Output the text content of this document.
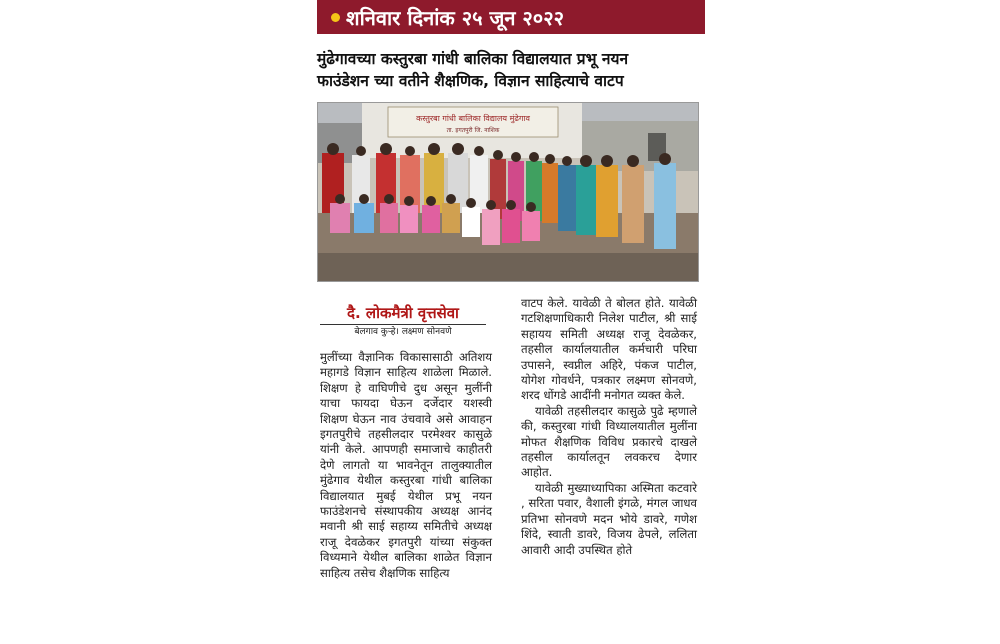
शनिवार दिनांक २५ जून २०२२
मुंढेगावच्या कस्तुरबा गांधी बालिका विद्यालयात प्रभू नयन
फाउंडेशन च्या वतीने शैक्षणिक, विज्ञान साहित्याचे वाटप
कस्तुरबा गांधी बालिका विद्यालय मुंढेगाव
ता. इगतपुरी जि. नाशिक
दै. लोकमैत्री वृत्तसेवा
बेलगाव कुऱ्हे। लक्ष्मण सोनवणे

मुलींच्या वैज्ञानिक विकासासाठी अतिशय महागडे विज्ञान साहित्य शाळेला मिळाले. शिक्षण हे वाघिणीचे दुध असून मुलींनी याचा फायदा घेऊन दर्जेदार यशस्वी शिक्षण घेऊन नाव उंचवावे असे आवाहन इगतपुरीचे तहसीलदार परमेश्वर कासुळे यांनी केले. आपणही समाजाचे काहीतरी देणे लागतो या भावनेतून तालुक्यातील मुंढेगाव येथील कस्तुरबा गांधी बालिका विद्यालयात मुबई येथील प्रभू नयन फाउंडेशनचे संस्थापकीय अध्यक्ष आनंद मवानी श्री साई सहाय्य समितीचे अध्यक्ष राजू देवळेकर इगतपुरी यांच्या संकुक्त विध्यमाने येथील बालिका शाळेत विज्ञान साहित्य तसेच शैक्षणिक साहित्य

वाटप केले. यावेळी ते बोलत होते. यावेळी गटशिक्षणाधिकारी निलेश पाटील, श्री साई सहायय समिती अध्यक्ष राजू देवळेकर, तहसील कार्यालयातील कर्मचारी परिघा उपासने, स्वप्नील अहिरे, पंकज पाटील, योगेश गोवर्धने, पत्रकार लक्ष्मण सोनवणे, शरद धोंगडे आदींनी मनोगत व्यक्त केले.

यावेळी तहसीलदार कासुळे पुढे म्हणाले की, कस्तुरबा गांधी विध्यालयातील मुलींना मोफत शैक्षणिक विविध प्रकारचे दाखले तहसील कार्यालतून लवकरच देणार आहोत.

यावेळी मुख्याध्यापिका अस्मिता कटवारे , सरिता पवार, वैशाली इंगळे, मंगल जाधव प्रतिभा सोनवणे मदन भोये डावरे, गणेश शिंदे, स्वाती डावरे, विजय ढेपले, ललिता आवारी आदी उपस्थित होते
